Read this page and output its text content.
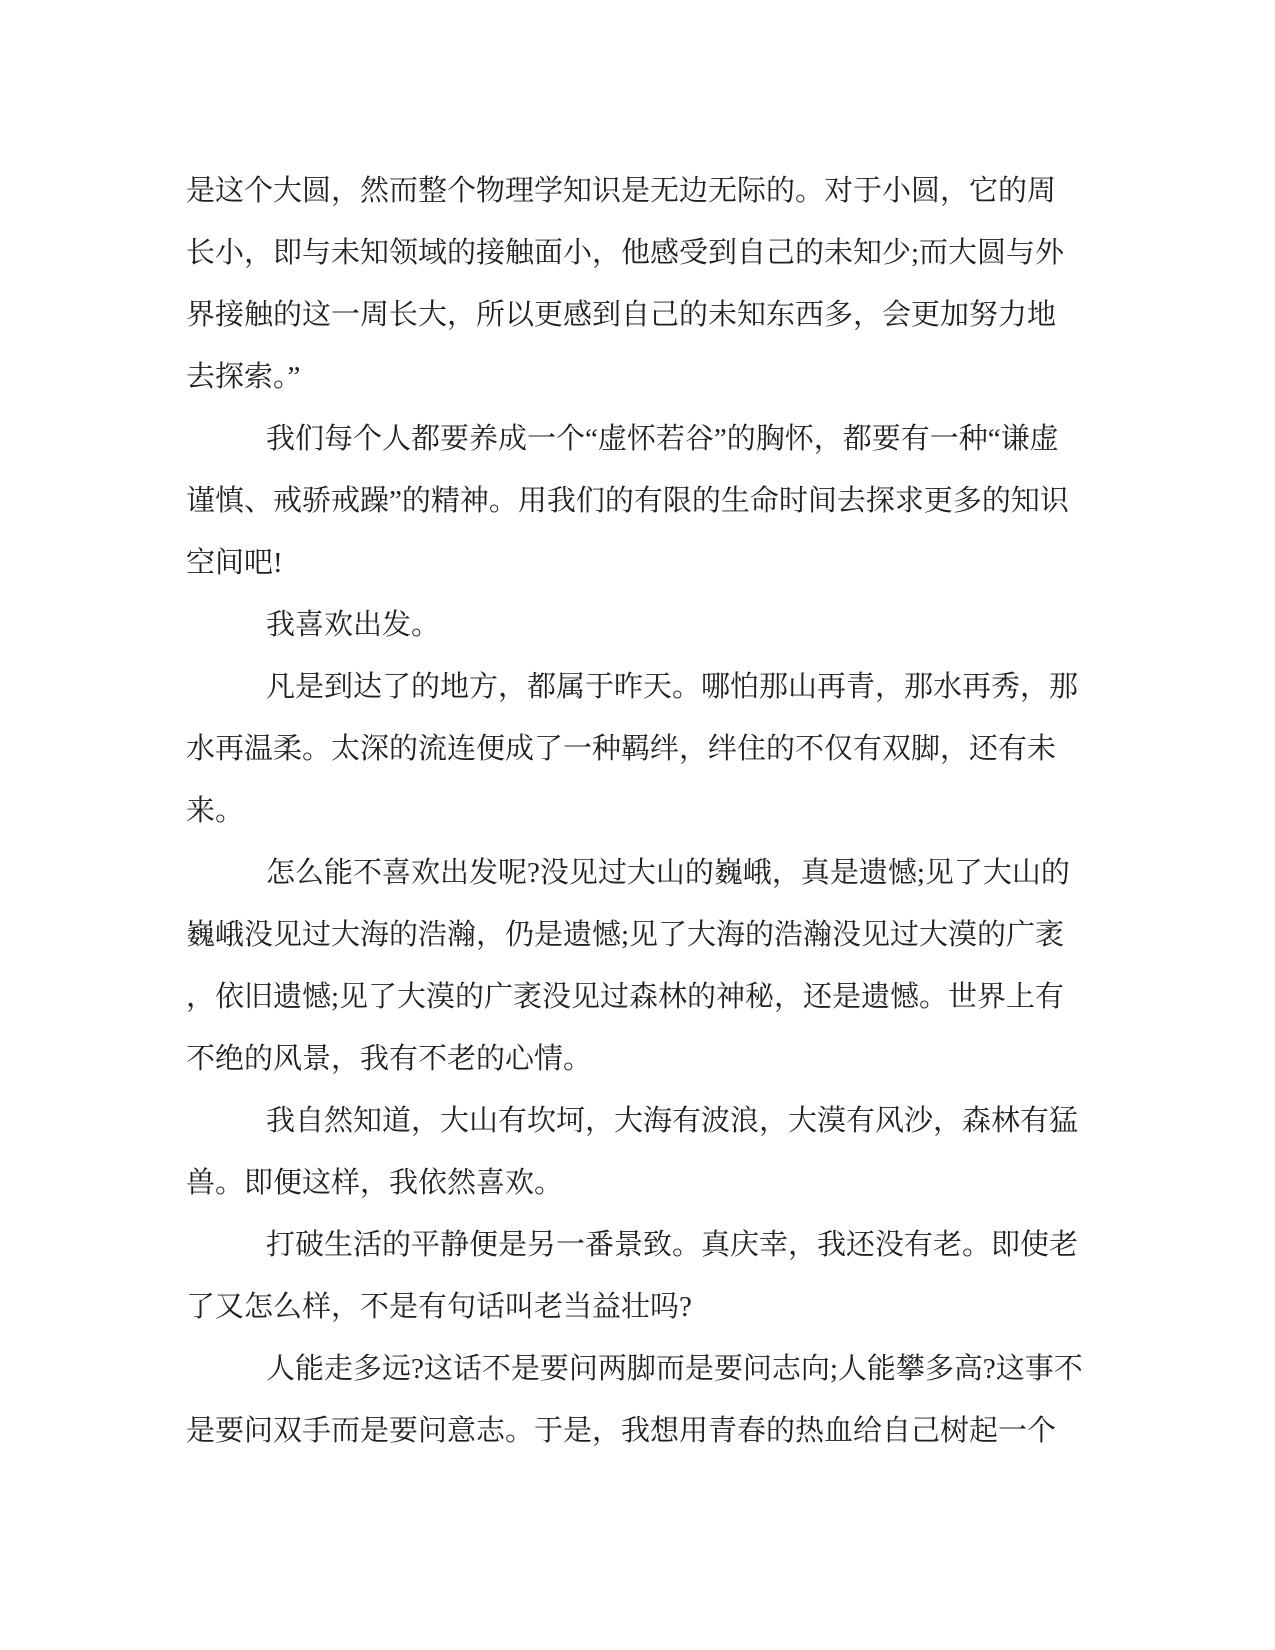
是这个大圆，然而整个物理学知识是无边无际的。对于小圆，它的周
长小，即与未知领域的接触面小，他感受到自己的未知少;而大圆与外
界接触的这一周长大，所以更感到自己的未知东西多，会更加努力地
去探索。”
我们每个人都要养成一个“虚怀若谷”的胸怀，都要有一种“谦虚
谨慎、戒骄戒躁”的精神。用我们的有限的生命时间去探求更多的知识
空间吧!
我喜欢出发。
凡是到达了的地方，都属于昨天。哪怕那山再青，那水再秀，那
水再温柔。太深的流连便成了一种羁绊，绊住的不仅有双脚，还有未
来。
怎么能不喜欢出发呢?没见过大山的巍峨，真是遗憾;见了大山的
巍峨没见过大海的浩瀚，仍是遗憾;见了大海的浩瀚没见过大漠的广袤
，依旧遗憾;见了大漠的广袤没见过森林的神秘，还是遗憾。世界上有
不绝的风景，我有不老的心情。
我自然知道，大山有坎坷，大海有波浪，大漠有风沙，森林有猛
兽。即便这样，我依然喜欢。
打破生活的平静便是另一番景致。真庆幸，我还没有老。即使老
了又怎么样，不是有句话叫老当益壮吗?
人能走多远?这话不是要问两脚而是要问志向;人能攀多高?这事不
是要问双手而是要问意志。于是，我想用青春的热血给自己树起一个
